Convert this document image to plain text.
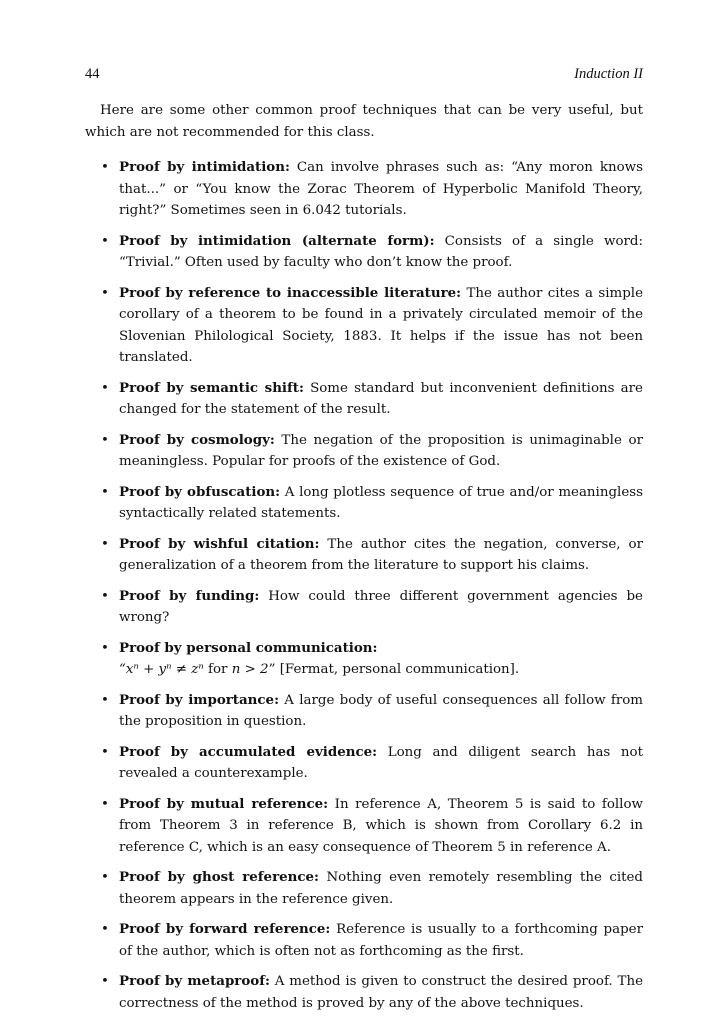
44	Induction II

Here are some other common proof techniques that can be very useful, but which are not recommended for this class.

• Proof by intimidation: Can involve phrases such as: “Any moron knows that...” or “You know the Zorac Theorem of Hyperbolic Manifold Theory, right?” Sometimes seen in 6.042 tutorials.
• Proof by intimidation (alternate form): Consists of a single word: “Trivial.” Often used by faculty who don’t know the proof.
• Proof by reference to inaccessible literature: The author cites a simple corollary of a theorem to be found in a privately circulated memoir of the Slovenian Philological Society, 1883. It helps if the issue has not been translated.
• Proof by semantic shift: Some standard but inconvenient definitions are changed for the statement of the result.
• Proof by cosmology: The negation of the proposition is unimaginable or meaningless. Popular for proofs of the existence of God.
• Proof by obfuscation: A long plotless sequence of true and/or meaningless syntactically related statements.
• Proof by wishful citation: The author cites the negation, converse, or generalization of a theorem from the literature to support his claims.
• Proof by funding: How could three different government agencies be wrong?
• Proof by personal communication:
“xⁿ + yⁿ ≠ zⁿ for n > 2” [Fermat, personal communication].
• Proof by importance: A large body of useful consequences all follow from the proposition in question.
• Proof by accumulated evidence: Long and diligent search has not revealed a counterexample.
• Proof by mutual reference: In reference A, Theorem 5 is said to follow from Theorem 3 in reference B, which is shown from Corollary 6.2 in reference C, which is an easy consequence of Theorem 5 in reference A.
• Proof by ghost reference: Nothing even remotely resembling the cited theorem appears in the reference given.
• Proof by forward reference: Reference is usually to a forthcoming paper of the author, which is often not as forthcoming as the first.
• Proof by metaproof: A method is given to construct the desired proof. The correctness of the method is proved by any of the above techniques.
